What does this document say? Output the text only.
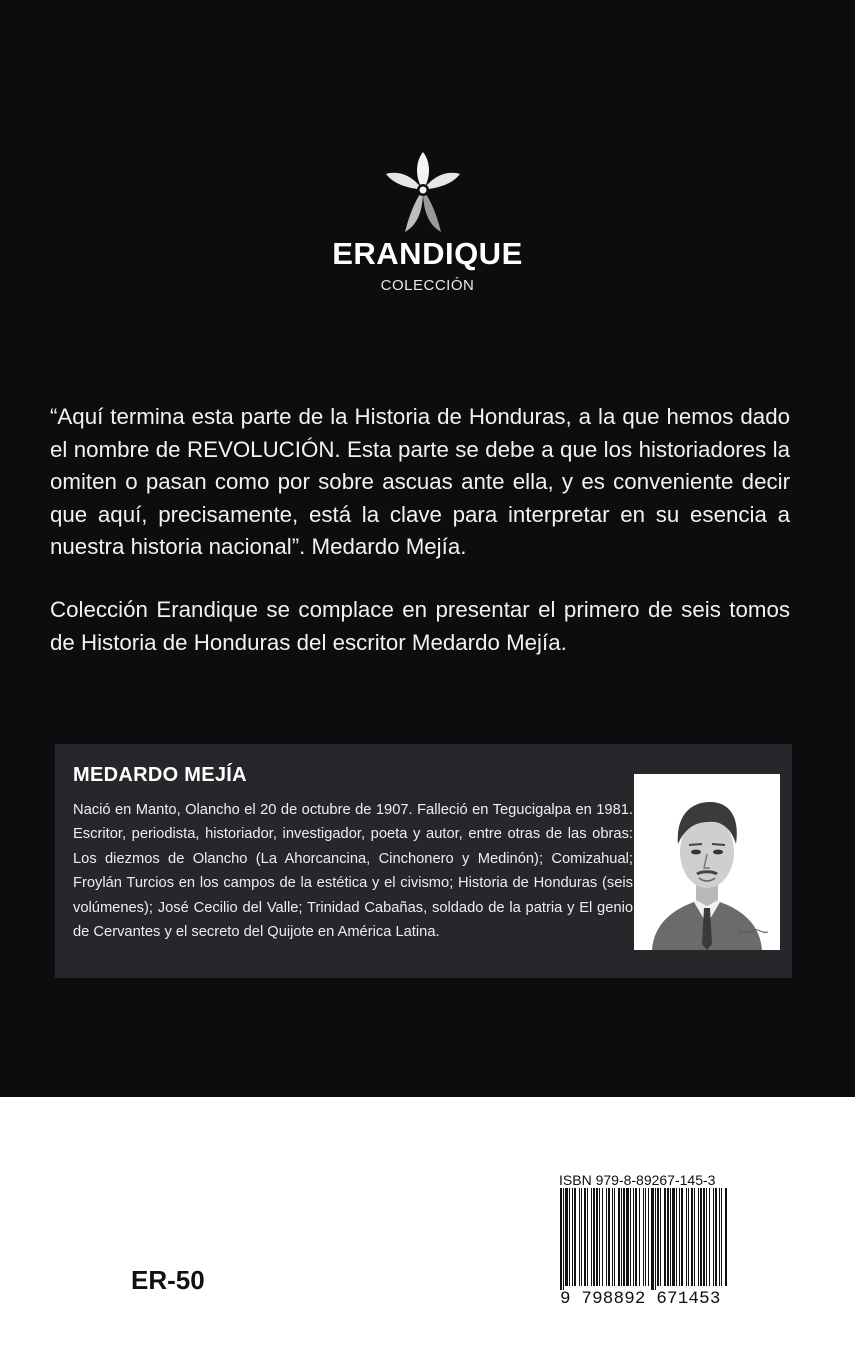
ERANDIQUE
COLECCIÓN

“Aquí termina esta parte de la Historia de Honduras, a la que hemos dado el nombre de REVOLUCIÓN. Esta parte se debe a que los historiadores la omiten o pasan como por sobre ascuas ante ella, y es conveniente decir que aquí, precisamente, está la clave para interpretar en su esencia a nuestra historia nacional”. Medardo Mejía.

Colección Erandique se complace en presentar el primero de seis tomos de Historia de Honduras del escritor Medardo Mejía.

MEDARDO MEJÍA

Nació en Manto, Olancho el 20 de octubre de 1907. Falleció en Tegucigalpa en 1981. Escritor, periodista, historiador, investigador, poeta y autor, entre otras de las obras: Los diezmos de Olancho (La Ahorcancina, Cinchonero y Medinón); Comizahual; Froylán Turcios en los campos de la estética y el civismo; Historia de Honduras (seis volúmenes); José Cecilio del Valle; Trinidad Cabañas, soldado de la patria y El genio de Cervantes y el secreto del Quijote en América Latina.

ER-50
ISBN 979-8-89267-145-3
9 798892 671453
